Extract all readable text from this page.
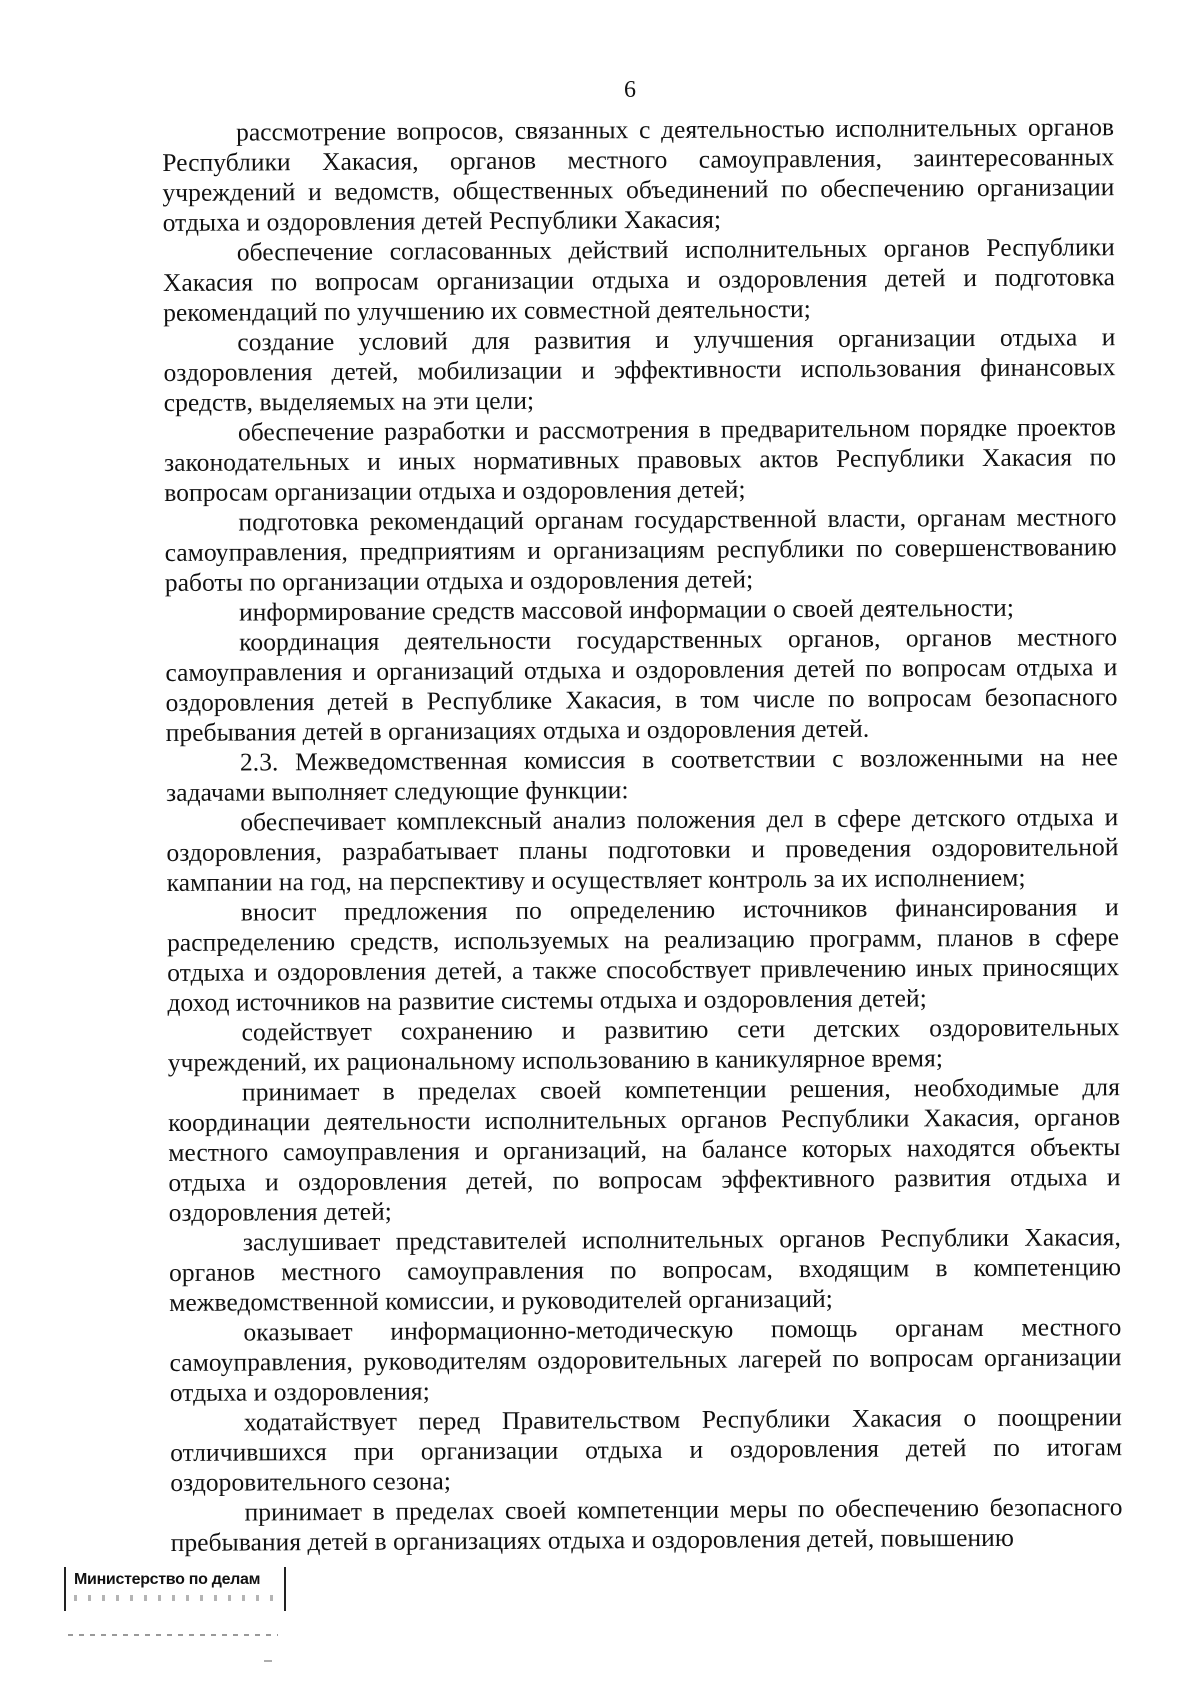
6

рассмотрение вопросов, связанных с деятельностью исполнительных органов Республики Хакасия, органов местного самоуправления, заинтересованных учреждений и ведомств, общественных объединений по обеспечению организации отдыха и оздоровления детей Республики Хакасия;

обеспечение согласованных действий исполнительных органов Республики Хакасия по вопросам организации отдыха и оздоровления детей и подготовка рекомендаций по улучшению их совместной деятельности;

создание условий для развития и улучшения организации отдыха и оздоровления детей, мобилизации и эффективности использования финансовых средств, выделяемых на эти цели;

обеспечение разработки и рассмотрения в предварительном порядке проектов законодательных и иных нормативных правовых актов Республики Хакасия по вопросам организации отдыха и оздоровления детей;

подготовка рекомендаций органам государственной власти, органам местного самоуправления, предприятиям и организациям республики по совершенствованию работы по организации отдыха и оздоровления детей;

информирование средств массовой информации о своей деятельности;

координация деятельности государственных органов, органов местного самоуправления и организаций отдыха и оздоровления детей по вопросам отдыха и оздоровления детей в Республике Хакасия, в том числе по вопросам безопасного пребывания детей в организациях отдыха и оздоровления детей.

2.3. Межведомственная комиссия в соответствии с возложенными на нее задачами выполняет следующие функции:

обеспечивает комплексный анализ положения дел в сфере детского отдыха и оздоровления, разрабатывает планы подготовки и проведения оздоровительной кампании на год, на перспективу и осуществляет контроль за их исполнением;

вносит предложения по определению источников финансирования и распределению средств, используемых на реализацию программ, планов в сфере отдыха и оздоровления детей, а также способствует привлечению иных приносящих доход источников на развитие системы отдыха и оздоровления детей;

содействует сохранению и развитию сети детских оздоровительных учреждений, их рациональному использованию в каникулярное время;

принимает в пределах своей компетенции решения, необходимые для координации деятельности исполнительных органов Республики Хакасия, органов местного самоуправления и организаций, на балансе которых находятся объекты отдыха и оздоровления детей, по вопросам эффективного развития отдыха и оздоровления детей;

заслушивает представителей исполнительных органов Республики Хакасия, органов местного самоуправления по вопросам, входящим в компетенцию межведомственной комиссии, и руководителей организаций;

оказывает информационно-методическую помощь органам местного самоуправления, руководителям оздоровительных лагерей по вопросам организации отдыха и оздоровления;

ходатайствует перед Правительством Республики Хакасия о поощрении отличившихся при организации отдыха и оздоровления детей по итогам оздоровительного сезона;

принимает в пределах своей компетенции меры по обеспечению безопасного пребывания детей в организациях отдыха и оздоровления детей, повышению

Министерство по делам
